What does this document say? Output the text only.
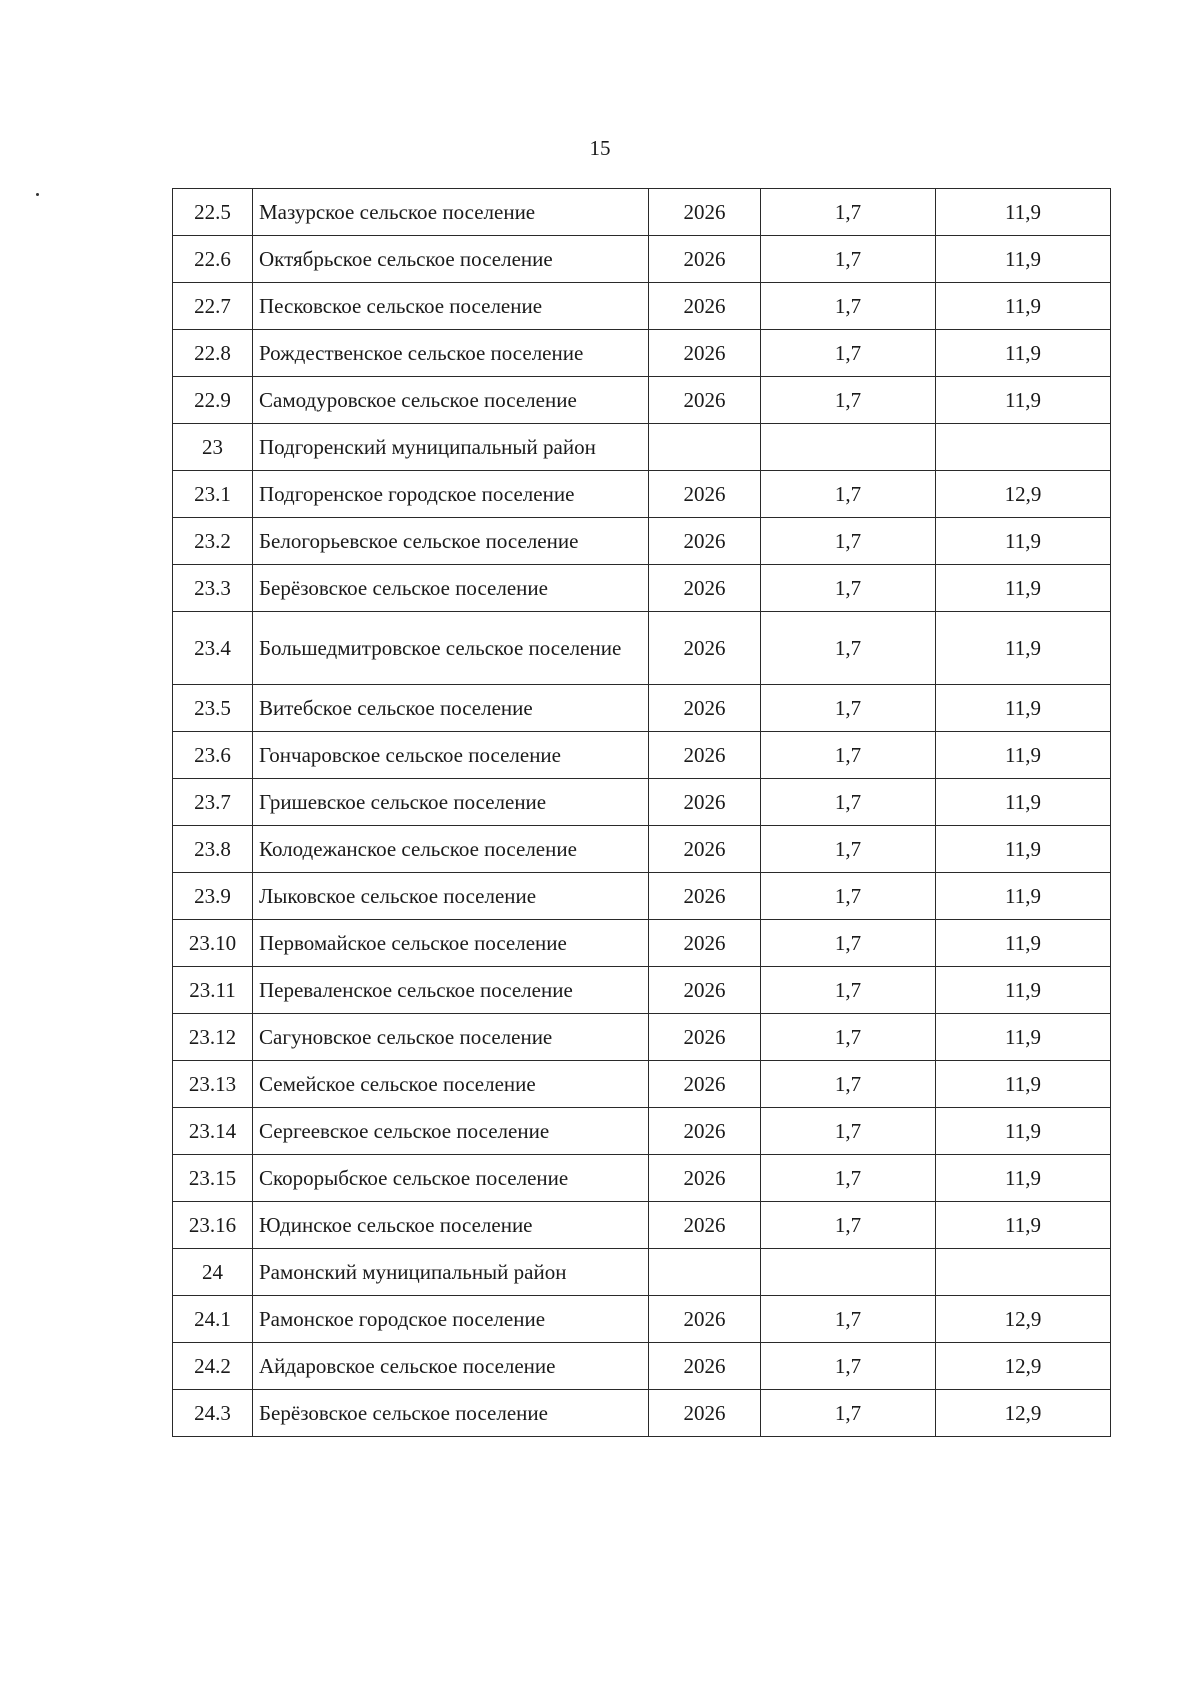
15
22.5	Мазурское сельское поселение	2026	1,7	11,9
22.6	Октябрьское сельское поселение	2026	1,7	11,9
22.7	Песковское сельское поселение	2026	1,7	11,9
22.8	Рождественское сельское поселение	2026	1,7	11,9
22.9	Самодуровское сельское поселение	2026	1,7	11,9
23	Подгоренский муниципальный район			
23.1	Подгоренское городское поселение	2026	1,7	12,9
23.2	Белогорьевское сельское поселение	2026	1,7	11,9
23.3	Берёзовское сельское поселение	2026	1,7	11,9
23.4	Большедмитровское сельское поселение	2026	1,7	11,9
23.5	Витебское сельское поселение	2026	1,7	11,9
23.6	Гончаровское сельское поселение	2026	1,7	11,9
23.7	Гришевское сельское поселение	2026	1,7	11,9
23.8	Колодежанское сельское поселение	2026	1,7	11,9
23.9	Лыковское сельское поселение	2026	1,7	11,9
23.10	Первомайское сельское поселение	2026	1,7	11,9
23.11	Переваленское сельское поселение	2026	1,7	11,9
23.12	Сагуновское сельское поселение	2026	1,7	11,9
23.13	Семейское сельское поселение	2026	1,7	11,9
23.14	Сергеевское сельское поселение	2026	1,7	11,9
23.15	Скорорыбское сельское поселение	2026	1,7	11,9
23.16	Юдинское сельское поселение	2026	1,7	11,9
24	Рамонский муниципальный район			
24.1	Рамонское городское поселение	2026	1,7	12,9
24.2	Айдаровское сельское поселение	2026	1,7	12,9
24.3	Берёзовское сельское поселение	2026	1,7	12,9
